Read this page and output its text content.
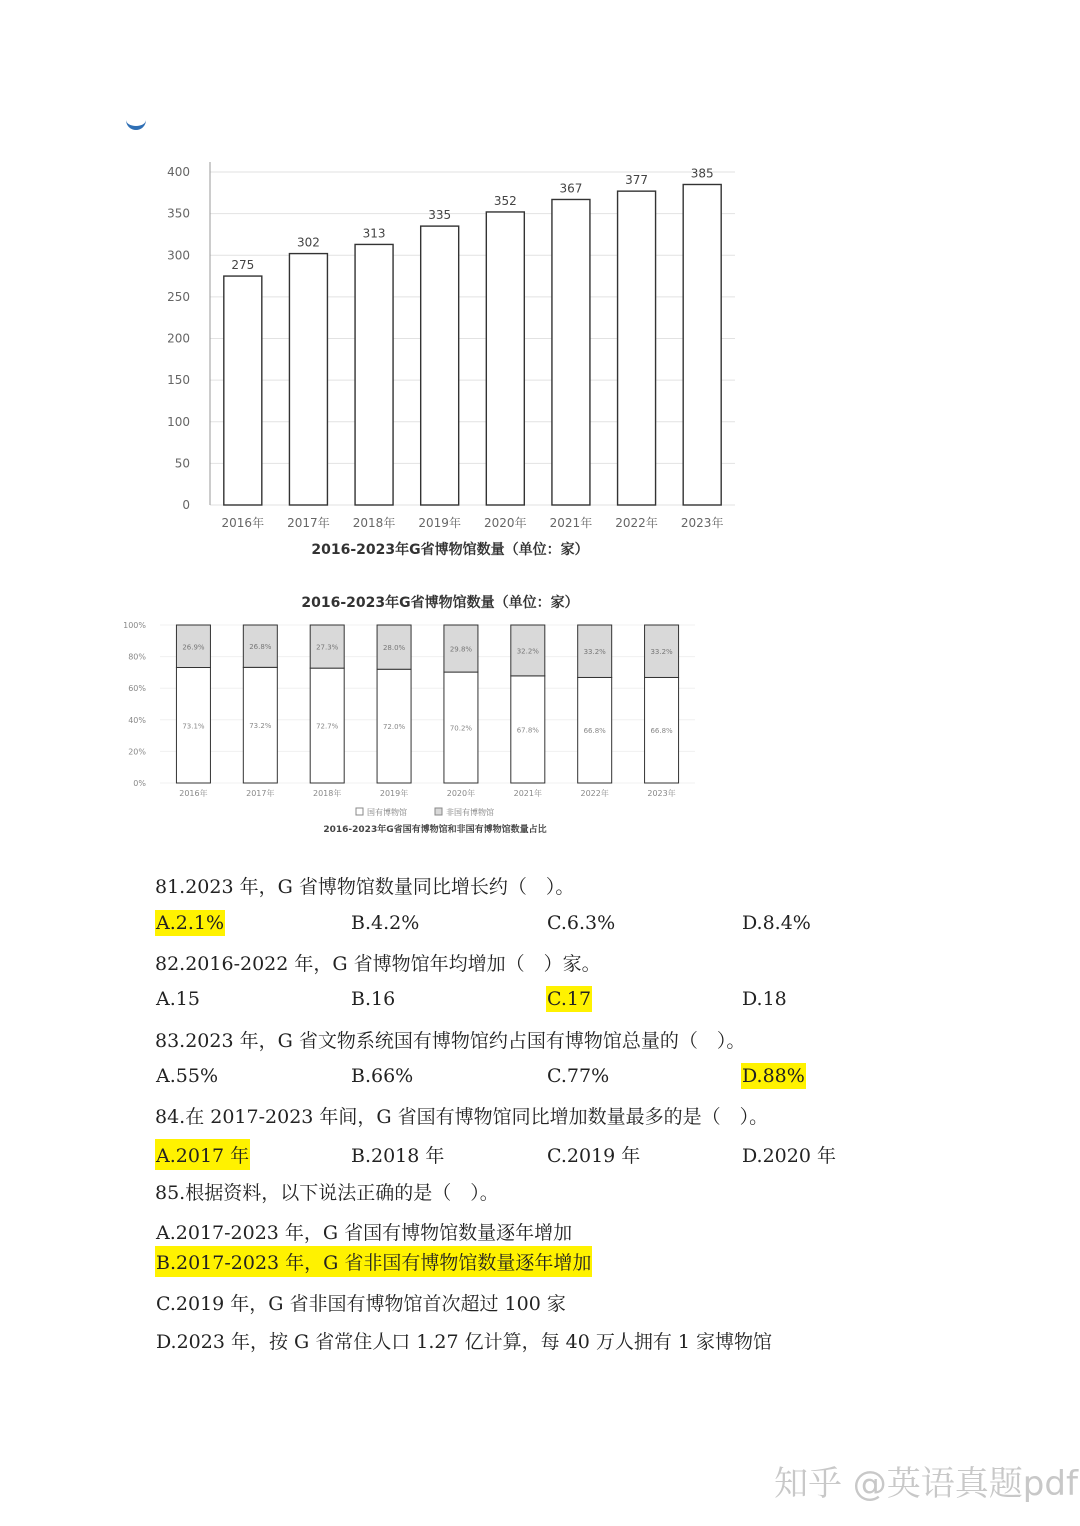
275
302
313
335
352
367
377	385
0
50
100
150
200
250
300
350
400
2016年 2017年 2018年 2019年 2020年 2021年 2022年 2023年
2016-2023年G省博物馆数量（单位：家）
2016-2023年G省博物馆数量（单位：家）
73.1%
26.9%
73.2%
26.8%
72.7%
27.3%
72.0%
28.0%
70.2%
29.8%
67.8%
32.2%
66.8%
33.2%
66.8%
33.2%
0%
20%
40%
60%
80%
100%
2016年	2017年	2018年	2019年	2020年	2021年	2022年	2023年
国有博物馆	非国有博物馆
2016-2023年G省国有博物馆和非国有博物馆数量占比
81.2023 年，G 省博物馆数量同比增长约（　）。
A.2.1%	B.4.2%	C.6.3%	D.8.4%
82.2016-2022 年，G 省博物馆年均增加（　）家。
A.15	B.16	C.17	D.18
83.2023 年，G 省文物系统国有博物馆约占国有博物馆总量的（　）。
A.55%	B.66%	C.77%	D.88%
84.在 2017-2023 年间，G 省国有博物馆同比增加数量最多的是（　）。
A.2017 年	B.2018 年	C.2019 年	D.2020 年
85.根据资料，以下说法正确的是（　）。
A.2017-2023 年，G 省国有博物馆数量逐年增加
B.2017-2023 年，G 省非国有博物馆数量逐年增加
C.2019 年，G 省非国有博物馆首次超过 100 家
D.2023 年，按 G 省常住人口 1.27 亿计算，每 40 万人拥有 1 家博物馆
知乎 @英语真题pdf
